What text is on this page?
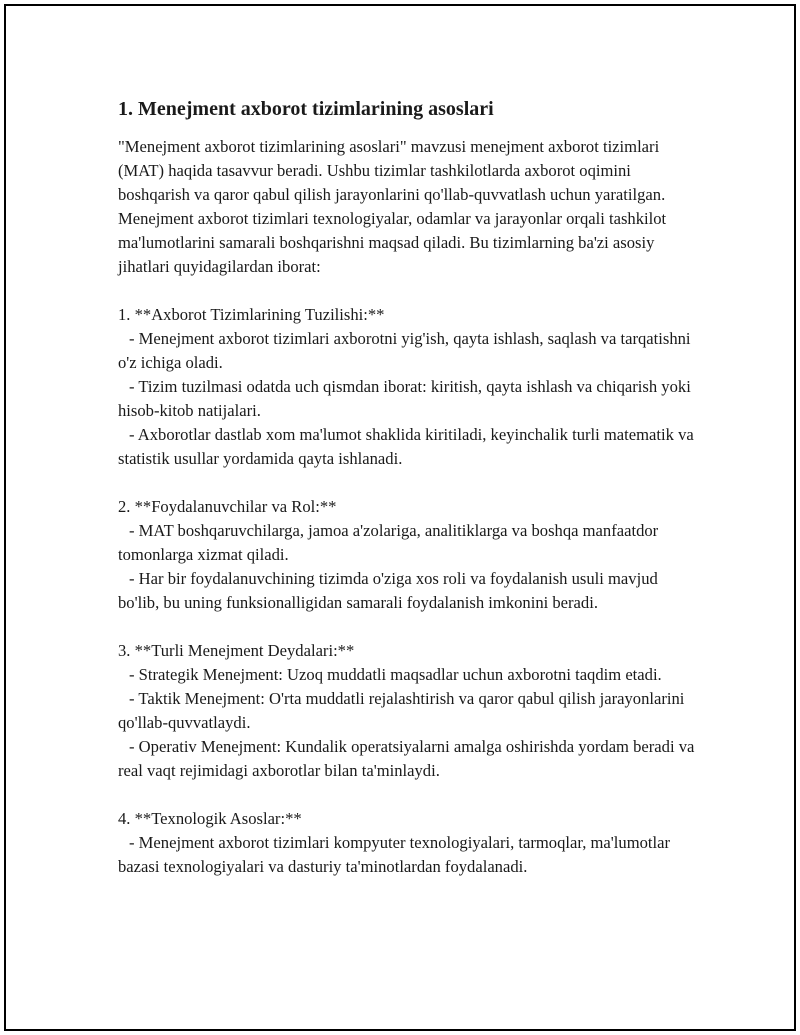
1. Menejment axborot tizimlarining asoslari

"Menejment axborot tizimlarining asoslari" mavzusi menejment axborot tizimlari (MAT) haqida tasavvur beradi. Ushbu tizimlar tashkilotlarda axborot oqimini boshqarish va qaror qabul qilish jarayonlarini qo'llab-quvvatlash uchun yaratilgan. Menejment axborot tizimlari texnologiyalar, odamlar va jarayonlar orqali tashkilot ma'lumotlarini samarali boshqarishni maqsad qiladi. Bu tizimlarning ba'zi asosiy jihatlari quyidagilardan iborat:

1. **Axborot Tizimlarining Tuzilishi:**

- Menejment axborot tizimlari axborotni yig'ish, qayta ishlash, saqlash va tarqatishni o'z ichiga oladi.

- Tizim tuzilmasi odatda uch qismdan iborat: kiritish, qayta ishlash va chiqarish yoki hisob-kitob natijalari.

- Axborotlar dastlab xom ma'lumot shaklida kiritiladi, keyinchalik turli matematik va statistik usullar yordamida qayta ishlanadi.

2. **Foydalanuvchilar va Rol:**

- MAT boshqaruvchilarga, jamoa a'zolariga, analitiklarga va boshqa manfaatdor tomonlarga xizmat qiladi.

- Har bir foydalanuvchining tizimda o'ziga xos roli va foydalanish usuli mavjud bo'lib, bu uning funksionalligidan samarali foydalanish imkonini beradi.

3. **Turli Menejment Deydalari:**

- Strategik Menejment: Uzoq muddatli maqsadlar uchun axborotni taqdim etadi.

- Taktik Menejment: O'rta muddatli rejalashtirish va qaror qabul qilish jarayonlarini qo'llab-quvvatlaydi.

- Operativ Menejment: Kundalik operatsiyalarni amalga oshirishda yordam beradi va real vaqt rejimidagi axborotlar bilan ta'minlaydi.

4. **Texnologik Asoslar:**

- Menejment axborot tizimlari kompyuter texnologiyalari, tarmoqlar, ma'lumotlar bazasi texnologiyalari va dasturiy ta'minotlardan foydalanadi.
